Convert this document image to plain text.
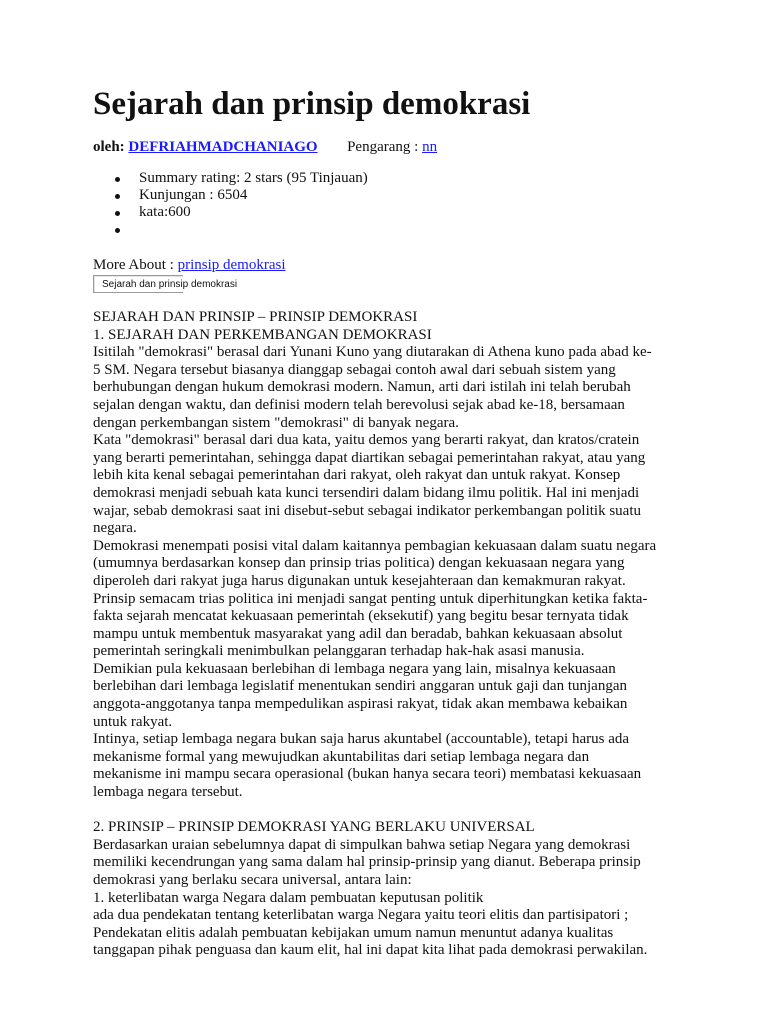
Sejarah dan prinsip demokrasi
oleh: DEFRIAHMADCHANIAGO Pengarang : nn
Summary rating: 2 stars (95 Tinjauan)
Kunjungan : 6504
kata:600
More About : prinsip demokrasi
Sejarah dan prinsip demokrasi

SEJARAH DAN PRINSIP – PRINSIP DEMOKRASI

1. SEJARAH DAN PERKEMBANGAN DEMOKRASI

Isitilah "demokrasi" berasal dari Yunani Kuno yang diutarakan di Athena kuno pada abad ke-

5 SM. Negara tersebut biasanya dianggap sebagai contoh awal dari sebuah sistem yang

berhubungan dengan hukum demokrasi modern. Namun, arti dari istilah ini telah berubah

sejalan dengan waktu, dan definisi modern telah berevolusi sejak abad ke-18, bersamaan

dengan perkembangan sistem "demokrasi" di banyak negara.

Kata "demokrasi" berasal dari dua kata, yaitu demos yang berarti rakyat, dan kratos/cratein

yang berarti pemerintahan, sehingga dapat diartikan sebagai pemerintahan rakyat, atau yang

lebih kita kenal sebagai pemerintahan dari rakyat, oleh rakyat dan untuk rakyat. Konsep

demokrasi menjadi sebuah kata kunci tersendiri dalam bidang ilmu politik. Hal ini menjadi

wajar, sebab demokrasi saat ini disebut-sebut sebagai indikator perkembangan politik suatu

negara.

Demokrasi menempati posisi vital dalam kaitannya pembagian kekuasaan dalam suatu negara

(umumnya berdasarkan konsep dan prinsip trias politica) dengan kekuasaan negara yang

diperoleh dari rakyat juga harus digunakan untuk kesejahteraan dan kemakmuran rakyat.

Prinsip semacam trias politica ini menjadi sangat penting untuk diperhitungkan ketika fakta-

fakta sejarah mencatat kekuasaan pemerintah (eksekutif) yang begitu besar ternyata tidak

mampu untuk membentuk masyarakat yang adil dan beradab, bahkan kekuasaan absolut

pemerintah seringkali menimbulkan pelanggaran terhadap hak-hak asasi manusia.

Demikian pula kekuasaan berlebihan di lembaga negara yang lain, misalnya kekuasaan

berlebihan dari lembaga legislatif menentukan sendiri anggaran untuk gaji dan tunjangan

anggota-anggotanya tanpa mempedulikan aspirasi rakyat, tidak akan membawa kebaikan

untuk rakyat.

Intinya, setiap lembaga negara bukan saja harus akuntabel (accountable), tetapi harus ada

mekanisme formal yang mewujudkan akuntabilitas dari setiap lembaga negara dan

mekanisme ini mampu secara operasional (bukan hanya secara teori) membatasi kekuasaan

lembaga negara tersebut.

2. PRINSIP – PRINSIP DEMOKRASI YANG BERLAKU UNIVERSAL

Berdasarkan uraian sebelumnya dapat di simpulkan bahwa setiap Negara yang demokrasi

memiliki kecendrungan yang sama dalam hal prinsip-prinsip yang dianut. Beberapa prinsip

demokrasi yang berlaku secara universal, antara lain:

1. keterlibatan warga Negara dalam pembuatan keputusan politik

ada dua pendekatan tentang keterlibatan warga Negara yaitu teori elitis dan partisipatori ;

Pendekatan elitis adalah pembuatan kebijakan umum namun menuntut adanya kualitas

tanggapan pihak penguasa dan kaum elit, hal ini dapat kita lihat pada demokrasi perwakilan.
